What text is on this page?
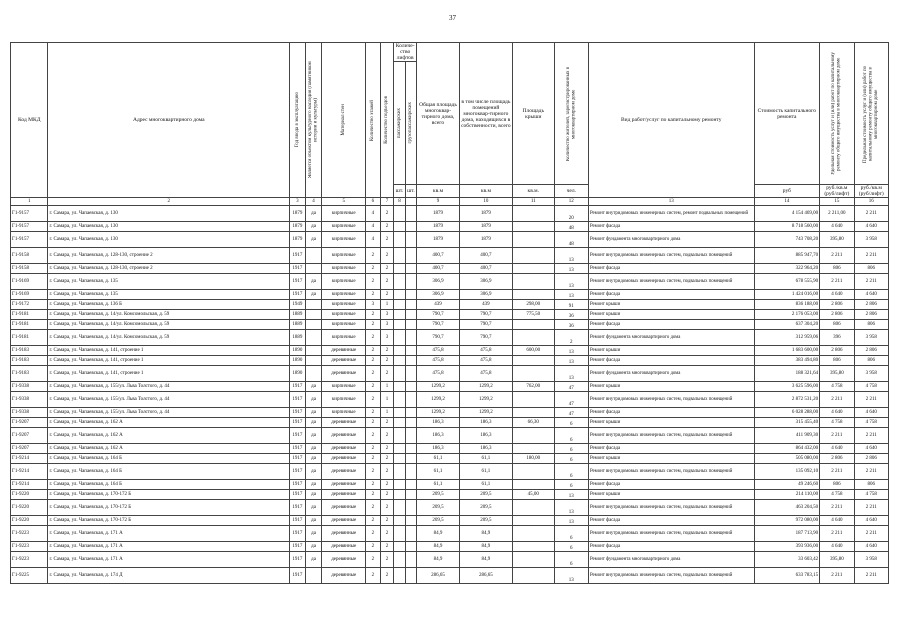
37
Код МКД	Адрес многоквартирного дома	Год ввода в эксплуатацию	Является объектом культурного наследия (памятником истории и культуры)	Материал стен	Количество этажей	Количество подъездов	Количе-ство лифтов		Общая площадь многоквар-тирного дома, всего	в том числе площадь помещений многоквар-тирного дома, находящихся в собственности, всего	Площадь крыши	Количество жителей, зарегистрированных в многоквартирном доме	Вид работ/услуг по капитальному ремонту	Стоимость капитального ремонта	Удельная стоимость услуг и (или) работ по капитальному ремонту общего имущества в многоквартирном доме	Предельная стоимость услуг и (или) работ по капитальному ремонту общего имущества в многоквартирном доме

							пассажирских	грузопассажирских								

							шт.	шт.	кв.м	кв.м	кв.м.	чел.		руб	руб./кв.м (руб/лифт)	руб./кв.м (руб/лифт)
1	2	3	4	5	6	7	8		9	10	11	12	13	14	15	16
Г1-9157	г. Самара, ул. Чапаевская, д. 130	1879	да	кирпичные	4	2			1879	1879		20	Ремонт внутридомовых инженерных систем, ремонт подвальных помещений	4 154 469,00	2 211,00	2 211
Г1-9157	г. Самара, ул. Чапаевская, д. 130	1879	да	кирпичные	4	2			1879	1879		48	Ремонт фасада	8 718 560,00	4 640	4 640
Г1-9157	г. Самара, ул. Чапаевская, д. 130	1879	да	кирпичные	4	2			1879	1879		48	Ремонт фундамента многоквартирного дома	743 708,20	395,80	3 958
Г1-9158	г. Самара, ул. Чапаевская, д. 128-130, строение 2	1917		кирпичные	2	2			400,7	400,7		13	Ремонт внутридомовых инженерных систем, подвальных помещений	885 947,70	2 211	2 211
Г1-9158	г. Самара, ул. Чапаевская, д. 128-130, строение 2	1917		кирпичные	2	2			400,7	400,7		13	Ремонт фасада	322 964,20	806	806
Г1-9169	г. Самара, ул. Чапаевская, д. 135	1917	да	кирпичные	2	2			306,9	306,9		13	Ремонт внутридомовых инженерных систем, подвальных помещений	678 555,90	2 211	2 211
Г1-9169	г. Самара, ул. Чапаевская, д. 135	1917	да	кирпичные	2	2			306,9	306,9		13	Ремонт фасада	1 424 016,00	4 640	4 640
Г1-9172	г. Самара, ул. Чапаевская, д. 136 Б	1949		кирпичные	3	1			439	439	298,00	91	Ремонт крыши	836 188,00	2 806	2 806
Г1-9181	г. Самара, ул. Чапаевская, д. 14/ул. Комсомольская, д. 59	1889		кирпичные	2	3			790,7	790,7	775,50	36	Ремонт крыши	2 176 053,00	2 806	2 806
Г1-9181	г. Самара, ул. Чапаевская, д. 14/ул. Комсомольская, д. 59	1889		кирпичные	2	3			790,7	790,7		36	Ремонт фасада	637 304,20	806	806
Г1-9181	г. Самара, ул. Чапаевская, д. 14/ул. Комсомольская, д. 59	1889		кирпичные	2	3			790,7	790,7		2	Ремонт фундамента многоквартирного дома	312 959,06	396	3 958
Г1-9183	г. Самара, ул. Чапаевская, д. 141, строение 1	1890		деревянные	2	2			475,8	475,8	600,00	13	Ремонт крыши	1 683 600,00	2 806	2 806
Г1-9183	г. Самара, ул. Чапаевская, д. 141, строение 1	1890		деревянные	2	2			475,8	475,8		13	Ремонт фасада	383 494,80	806	806
Г1-9183	г. Самара, ул. Чапаевская, д. 141, строение 1	1890		деревянные	2	2			475,8	475,8		13	Ремонт фундамента многоквартирного дома	188 321,64	395,80	3 958
Г1-9338	г. Самара, ул. Чапаевская, д. 155/ул. Льва Толстого, д. 44	1917	да	кирпичные	2	1			1299,2	1299,2	762,00	47	Ремонт крыши	3 625 596,00	4 758	4 758
Г1-9338	г. Самара, ул. Чапаевская, д. 155/ул. Льва Толстого, д. 44	1917	да	кирпичные	2	1			1299,2	1299,2		47	Ремонт внутридомовых инженерных систем, подвальных помещений	2 872 531,20	2 211	2 211
Г1-9338	г. Самара, ул. Чапаевская, д. 155/ул. Льва Толстого, д. 44	1917	да	кирпичные	2	1			1299,2	1299,2		47	Ремонт фасада	6 028 288,00	4 640	4 640
Г1-9207	г. Самара, ул. Чапаевская, д. 162 А	1917	да	деревянные	2	2			186,3	186,3	66,30	6	Ремонт крыши	315 455,40	4 758	4 758
Г1-9207	г. Самара, ул. Чапаевская, д. 162 А	1917	да	деревянные	2	2			186,3	186,3		6	Ремонт внутридомовых инженерных систем, подвальных помещений	411 909,30	2 211	2 211
Г1-9207	г. Самара, ул. Чапаевская, д. 162 А	1917	да	деревянные	2	2			186,3	186,3		6	Ремонт фасада	864 432,00	4 640	4 640
Г1-9214	г. Самара, ул. Чапаевская, д. 164 Б	1917	да	деревянные	2	2			61,1	61,1	180,00	6	Ремонт крыши	505 080,00	2 806	2 806
Г1-9214	г. Самара, ул. Чапаевская, д. 164 Б	1917	да	деревянные	2	2			61,1	61,1		6	Ремонт внутридомовых инженерных систем, подвальных помещений	135 092,10	2 211	2 211
Г1-9214	г. Самара, ул. Чапаевская, д. 164 Б	1917	да	деревянные	2	2			61,1	61,1		6	Ремонт фасада	49 246,60	806	806
Г1-9220	г. Самара, ул. Чапаевская, д. 170-172 Б	1917	да	деревянные	2	2			209,5	209,5	45,00	13	Ремонт крыши	214 110,00	4 758	4 758
Г1-9220	г. Самара, ул. Чапаевская, д. 170-172 Б	1917	да	деревянные	2	2			209,5	209,5		13	Ремонт внутридомовых инженерных систем, подвальных помещений	463 204,50	2 211	2 211
Г1-9220	г. Самара, ул. Чапаевская, д. 170-172 Б	1917	да	деревянные	2	2			209,5	209,5		13	Ремонт фасада	972 080,00	4 640	4 640
Г1-9223	г. Самара, ул. Чапаевская, д. 171 А	1917	да	деревянные	2	2			84,9	84,9		6	Ремонт внутридомовых инженерных систем, подвальных помещений	187 713,90	2 211	2 211
Г1-9223	г. Самара, ул. Чапаевская, д. 171 А	1917	да	деревянные	2	2			84,9	84,9		6	Ремонт фасада	393 936,00	4 640	4 640
Г1-9223	г. Самара, ул. Чапаевская, д. 171 А	1917	да	деревянные	2	2			84,9	84,9		6	Ремонт фундамента многоквартирного дома	33 603,42	395,80	3 958
Г1-9225	г. Самара, ул. Чапаевская, д. 174 Д	1917		деревянные	2	2			286,65	286,65		13	Ремонт внутридомовых инженерных систем, подвальных помещений	633 783,15	2 211	2 211
